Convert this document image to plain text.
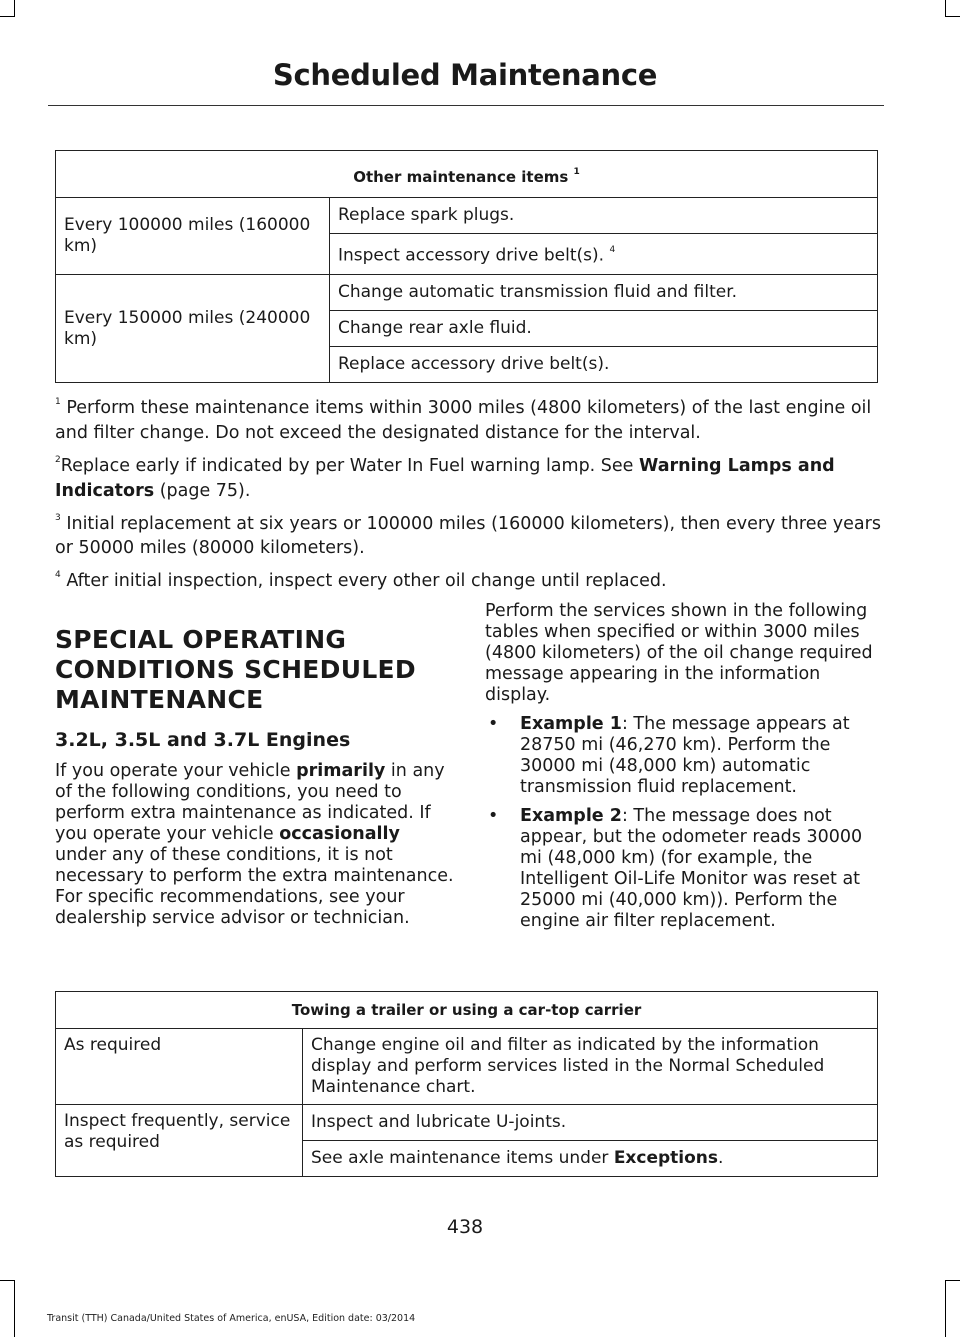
Scheduled Maintenance
Other maintenance items $^1$
Every 100000 miles (160000 km)	Replace spark plugs.
	Inspect accessory drive belt(s). $^4$
Every 150000 miles (240000 km)	Change automatic transmission fluid and filter.
	Change rear axle fluid.
	Replace accessory drive belt(s).

$^1$ Perform these maintenance items within 3000 miles (4800 kilometers) of the last engine oil and filter change. Do not exceed the designated distance for the interval.

$^2$Replace early if indicated by per Water In Fuel warning lamp. See Warning Lamps and Indicators (page 75).

$^3$ Initial replacement at six years or 100000 miles (160000 kilometers), then every three years or 50000 miles (80000 kilometers).

$^4$ After initial inspection, inspect every other oil change until replaced.

SPECIAL OPERATING
CONDITIONS SCHEDULED
MAINTENANCE
3.2L, 3.5L and 3.7L Engines

If you operate your vehicle primarily in any of the following conditions, you need to perform extra maintenance as indicated. If you operate your vehicle occasionally under any of these conditions, it is not necessary to perform the extra maintenance. For specific recommendations, see your dealership service advisor or technician.

Perform the services shown in the following tables when specified or within 3000 miles (4800 kilometers) of the oil change required message appearing in the information display.

• Example 1: The message appears at 28750 mi (46,270 km). Perform the 30000 mi (48,000 km) automatic transmission fluid replacement.
• Example 2: The message does not appear, but the odometer reads 30000 mi (48,000 km) (for example, the Intelligent Oil-Life Monitor was reset at 25000 mi (40,000 km)). Perform the engine air filter replacement.
Towing a trailer or using a car-top carrier	
As required	Change engine oil and filter as indicated by the information display and perform services listed in the Normal Scheduled Maintenance chart.
Inspect frequently, service as required	Inspect and lubricate U-joints.
	See axle maintenance items under Exceptions.
438
Transit (TTH) Canada/United States of America, enUSA, Edition date: 03/2014
